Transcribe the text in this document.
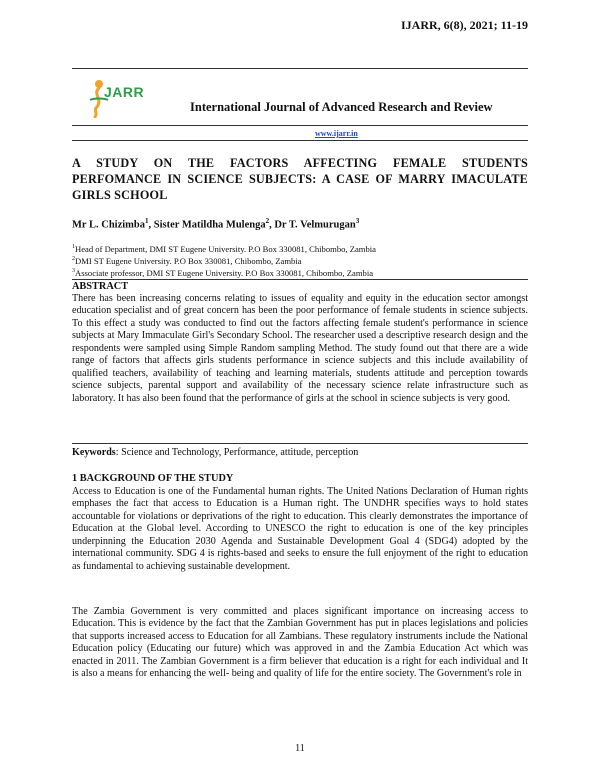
IJARR, 6(8), 2021; 11-19
JARR
International Journal of Advanced Research and Review
www.ijarr.in
A STUDY ON THE FACTORS AFFECTING FEMALE STUDENTS PERFOMANCE IN SCIENCE SUBJECTS: A CASE OF MARRY IMACULATE GIRLS SCHOOL
Mr L. Chizimba$^1$, Sister Matildha Mulenga$^2$, Dr T. Velmurugan$^3$
$^1$Head of Department, DMI ST Eugene University. P.O Box 330081, Chibombo, Zambia
$^2$DMI ST Eugene University. P.O Box 330081, Chibombo, Zambia
$^3$Associate professor, DMI ST Eugene University. P.O Box 330081, Chibombo, Zambia
ABSTRACT
There has been increasing concerns relating to issues of equality and equity in the education sector amongst education specialist and of great concern has been the poor performance of female students in science subjects. To this effect a study was conducted to find out the factors affecting female student's performance in science subjects at Mary Immaculate Girl's Secondary School. The researcher used a descriptive research design and the respondents were sampled using Simple Random sampling Method. The study found out that there are a wide range of factors that affects girls students performance in science subjects and this include availability of qualified teachers, availability of teaching and learning materials, students attitude and perception towards science subjects, parental support and availability of the necessary science relate infrastructure such as laboratory. It has also been found that the performance of girls at the school in science subjects is very good.
Keywords: Science and Technology, Performance, attitude, perception
1 BACKGROUND OF THE STUDY
Access to Education is one of the Fundamental human rights. The United Nations Declaration of Human rights emphases the fact that access to Education is a Human right. The UNDHR specifies ways to hold states accountable for violations or deprivations of the right to education. This clearly demonstrates the importance of Education at the Global level. According to UNESCO the right to education is one of the key principles underpinning the Education 2030 Agenda and Sustainable Development Goal 4 (SDG4) adopted by the international community. SDG 4 is rights-based and seeks to ensure the full enjoyment of the right to education as fundamental to achieving sustainable development.
The Zambia Government is very committed and places significant importance on increasing access to Education. This is evidence by the fact that the Zambian Government has put in places legislations and policies that supports increased access to Education for all Zambians. These regulatory instruments include the National Education policy (Educating our future) which was approved in and the Zambia Education Act which was enacted in 2011. The Zambian Government is a firm believer that education is a right for each individual and It is also a means for enhancing the well- being and quality of life for the entire society. The Government's role in
11
